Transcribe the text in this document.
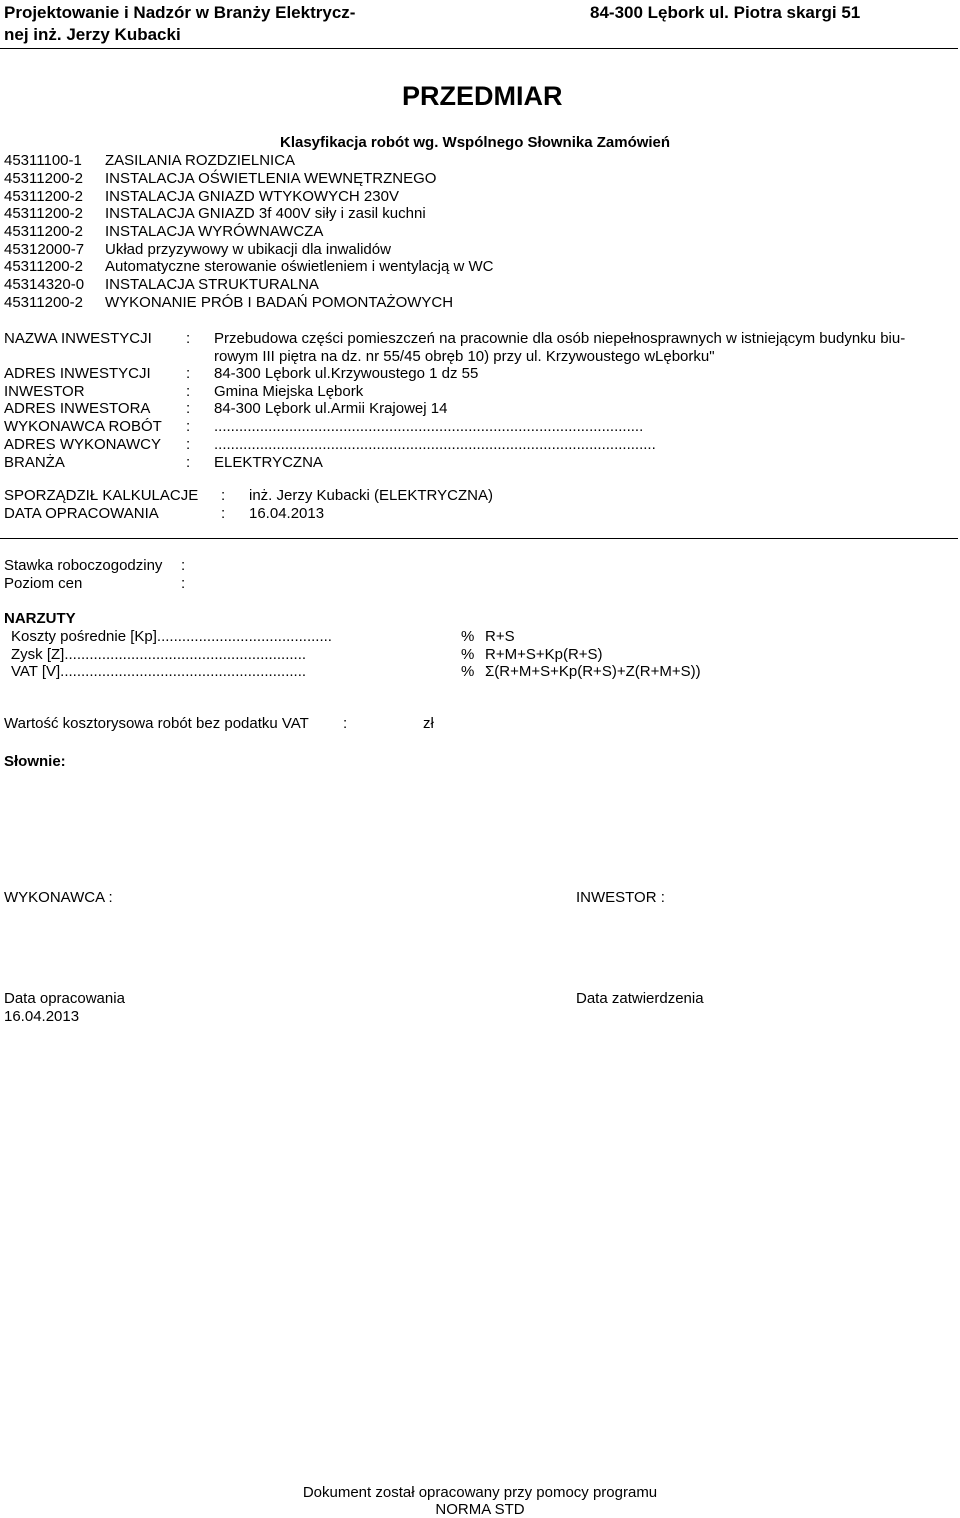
Projektowanie i Nadzór w Branży Elektrycz-
nej inż. Jerzy Kubacki
84-300 Lębork ul. Piotra skargi 51
PRZEDMIAR
Klasyfikacja robót wg. Wspólnego Słownika Zamówień
45311100-1 ZASILANIA ROZDZIELNICA
45311200-2 INSTALACJA OŚWIETLENIA WEWNĘTRZNEGO
45311200-2 INSTALACJA GNIAZD WTYKOWYCH 230V
45311200-2 INSTALACJA GNIAZD 3f 400V siły i zasil kuchni
45311200-2 INSTALACJA WYRÓWNAWCZA
45312000-7 Układ przyzywowy w ubikacji dla inwalidów
45311200-2 Automatyczne sterowanie oświetleniem i wentylacją w WC
45314320-0 INSTALACJA STRUKTURALNA
45311200-2 WYKONANIE PRÓB I BADAŃ POMONTAŻOWYCH
NAZWA INWESTYCJI : Przebudowa części pomieszczeń na pracownie dla osób niepełnosprawnych w istniejącym budynku biu-
rowym III piętra na dz. nr 55/45 obręb 10) przy ul. Krzywoustego wLęborku"
ADRES INWESTYCJI : 84-300 Lębork ul.Krzywoustego 1 dz 55
INWESTOR	: Gmina Miejska Lębork
ADRES INWESTORA : 84-300 Lębork ul.Armii Krajowej 14
WYKONAWCA ROBÓT : .......................................................................................................
ADRES WYKONAWCY : ..........................................................................................................
BRANŻA	: ELEKTRYCZNA
SPORZĄDZIŁ KALKULACJE : inż. Jerzy Kubacki (ELEKTRYCZNA)
DATA OPRACOWANIA	: 16.04.2013
Stawka roboczogodziny :
Poziom cen	:
NARZUTY
Koszty pośrednie [Kp]..........................................	% R+S
Zysk [Z]..........................................................	% R+M+S+Kp(R+S)
VAT [V]...........................................................	% Σ(R+M+S+Kp(R+S)+Z(R+M+S))
Wartość kosztorysowa robót bez podatku VAT :	zł
Słownie:
WYKONAWCA :	INWESTOR :
Data opracowania	Data zatwierdzenia
16.04.2013
Dokument został opracowany przy pomocy programu
NORMA STD
